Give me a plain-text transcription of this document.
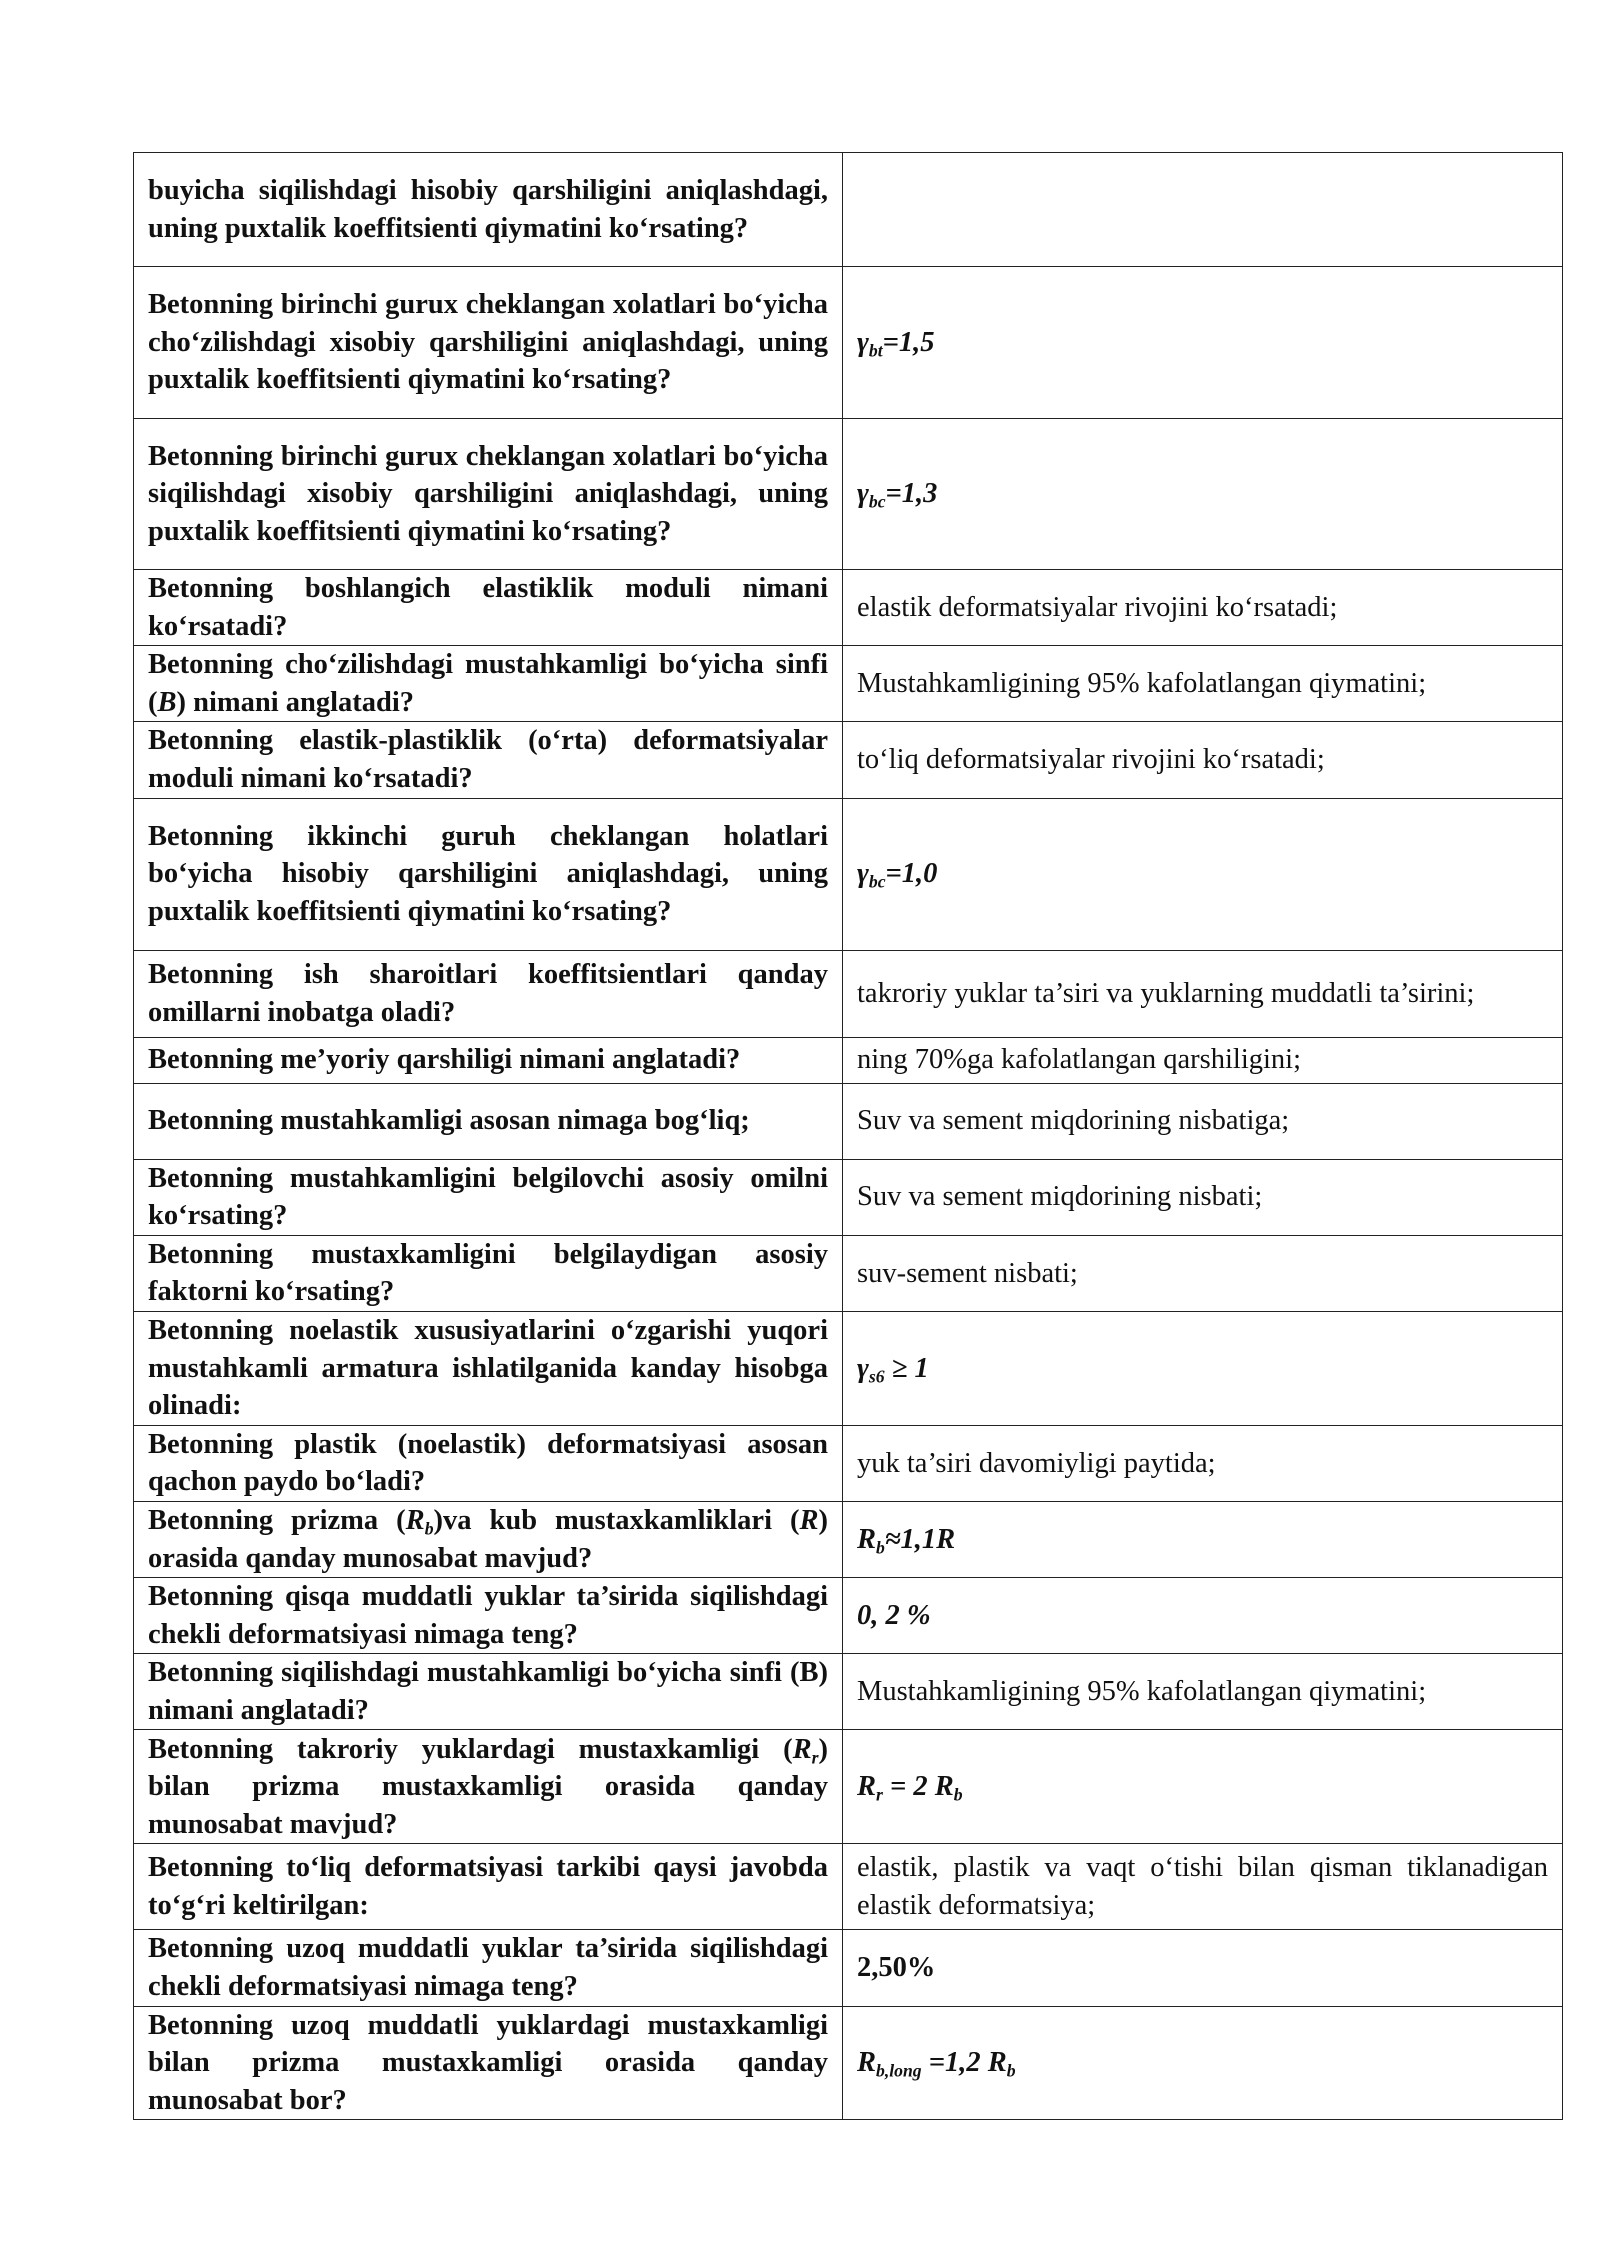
buyicha siqilishdagi hisobiy qarshiligini aniqlashdagi, uning puxtalik koeffitsienti qiymatini ko‘rsating?	
Betonning birinchi gurux cheklangan xolatlari bo‘yicha cho‘zilishdagi xisobiy qarshiligini aniqlashdagi, uning puxtalik koeffitsienti qiymatini ko‘rsating?	$\gamma_{bt}=1,5$
Betonning birinchi gurux cheklangan xolatlari bo‘yicha siqilishdagi xisobiy qarshiligini aniqlashdagi, uning puxtalik koeffitsienti qiymatini ko‘rsating?	$\gamma_{bc}=1,3$
Betonning boshlangich elastiklik moduli nimani ko‘rsatadi?	elastik deformatsiyalar rivojini ko‘rsatadi;
Betonning cho‘zilishdagi mustahkamligi bo‘yicha sinfi (B) nimani anglatadi?	Mustahkamligining 95% kafolatlangan qiymatini;
Betonning elastik-plastiklik (o‘rta) deformatsiyalar moduli nimani ko‘rsatadi?	to‘liq deformatsiyalar rivojini ko‘rsatadi;
Betonning ikkinchi guruh cheklangan holatlari bo‘yicha hisobiy qarshiligini aniqlashdagi, uning puxtalik koeffitsienti qiymatini ko‘rsating?	$\gamma_{bc}=1,0$
Betonning ish sharoitlari koeffitsientlari qanday omillarni inobatga oladi?	takroriy yuklar ta’siri va yuklarning muddatli ta’sirini;
Betonning me’yoriy qarshiligi nimani anglatadi?	ning 70%ga kafolatlangan qarshiligini;
Betonning mustahkamligi asosan nimaga bog‘liq;	Suv va sement miqdorining nisbatiga;
Betonning mustahkamligini belgilovchi asosiy omilni ko‘rsating?	Suv va sement miqdorining nisbati;
Betonning mustaxkamligini belgilaydigan asosiy faktorni ko‘rsating?	suv-sement nisbati;
Betonning noelastik xususiyatlarini o‘zgarishi yuqori mustahkamli armatura ishlatilganida kanday hisobga olinadi:	$\gamma_{s6} \ge 1$
Betonning plastik (noelastik) deformatsiyasi asosan qachon paydo bo‘ladi?	yuk ta’siri davomiyligi paytida;
Betonning prizma $(R_b)va$ kub mustaxkamliklari (R) orasida qanday munosabat mavjud?	$R_b\approx 1,1R$
Betonning qisqa muddatli yuklar ta’sirida siqilishdagi chekli deformatsiyasi nimaga teng?	0, 2 %
Betonning siqilishdagi mustahkamligi bo‘yicha sinfi (B) nimani anglatadi?	Mustahkamligining 95% kafolatlangan qiymatini;
Betonning takroriy yuklardagi mustaxkamligi $(R_r)$ bilan prizma mustaxkamligi orasida qanday munosabat mavjud?	$R_r = 2$ $R_b$
Betonning to‘liq deformatsiyasi tarkibi qaysi javobda to‘g‘ri keltirilgan:	elastik, plastik va vaqt o‘tishi bilan qisman tiklanadigan elastik deformatsiya;
Betonning uzoq muddatli yuklar ta’sirida siqilishdagi chekli deformatsiyasi nimaga teng?	2,50%
Betonning uzoq muddatli yuklardagi mustaxkamligi bilan prizma mustaxkamligi orasida qanday munosabat bor?	$R_{b,long} =1,2$ $R_b$
